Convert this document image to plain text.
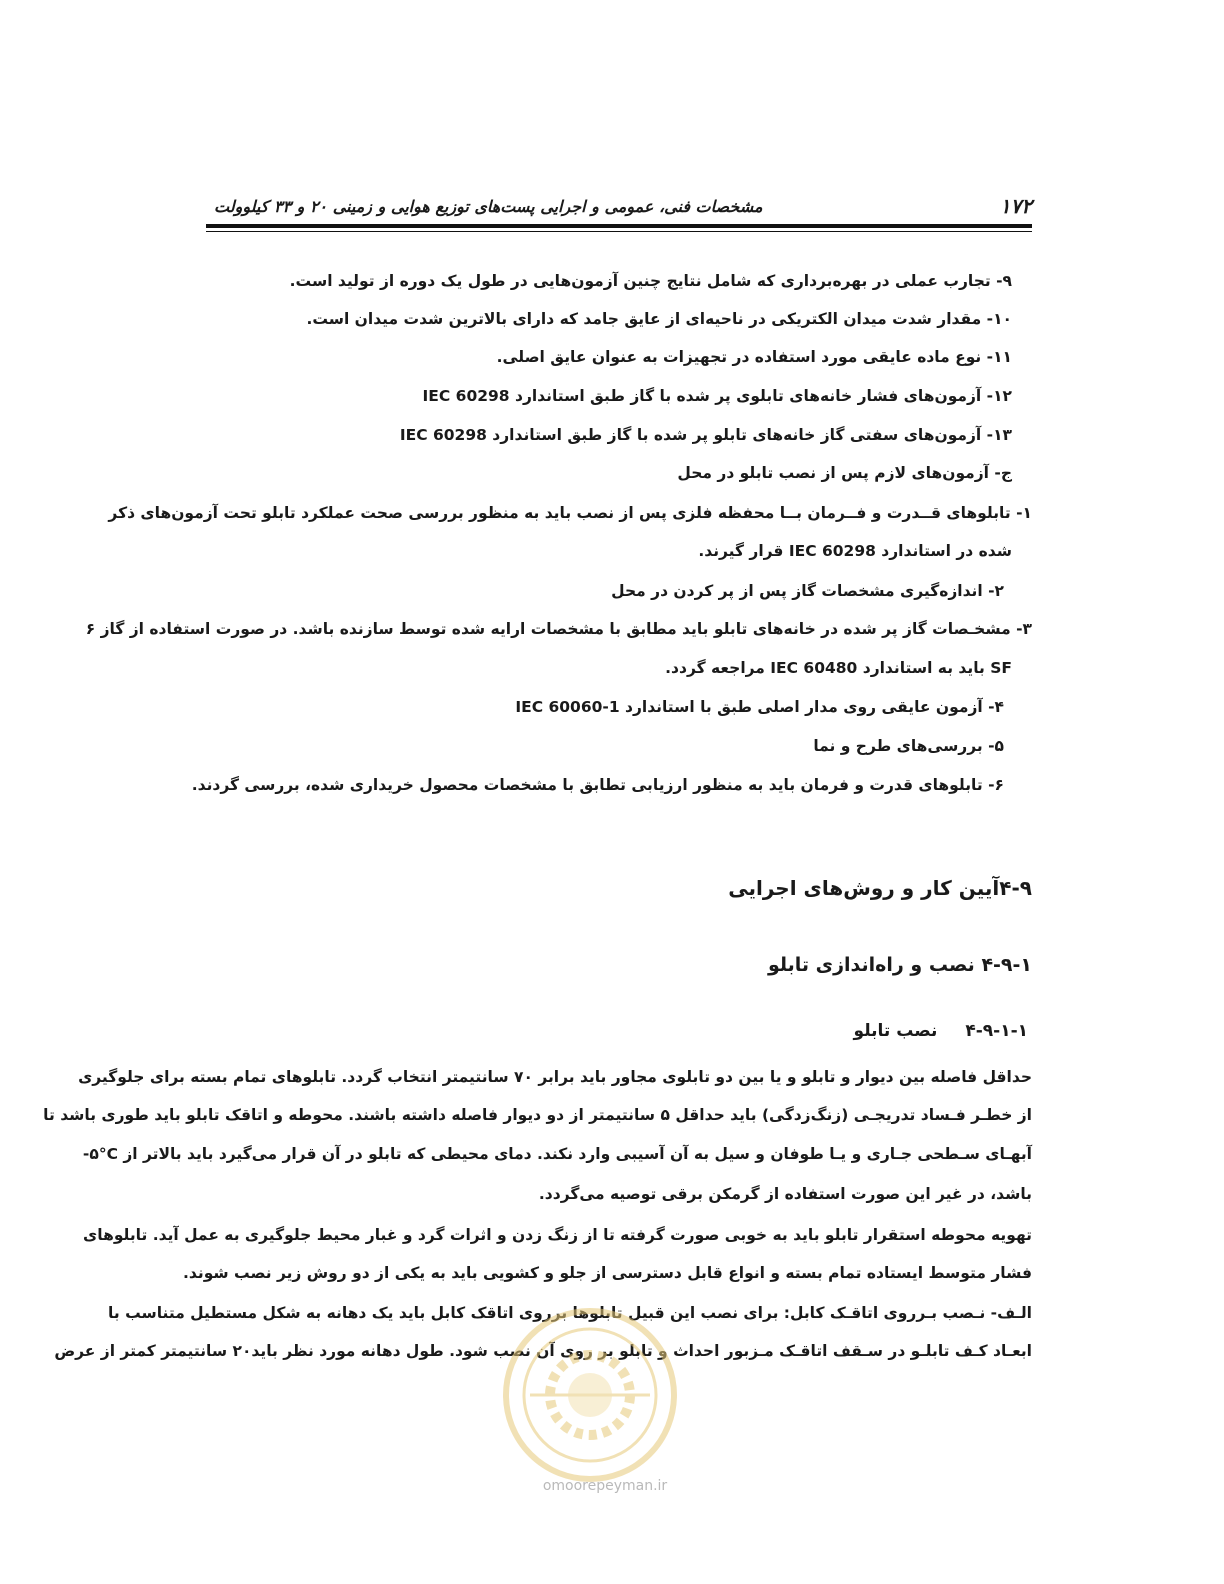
مشخصات فنی، عمومی و اجرایی پست‌های توزیع هوایی و زمینی ۲۰ و ۳۳ کیلوولت	۱۷۲
۹- تجارب عملی در بهره‌برداری که شامل نتایج چنین آزمون‌هایی در طول یک دوره از تولید است.
۱۰- مقدار شدت میدان الکتریکی در ناحیه‌ای از عایق جامد که دارای بالاترین شدت میدان است.
۱۱- نوع ماده عایقی مورد استفاده در تجهیزات به عنوان عایق اصلی.
۱۲- آزمون‌های فشار خانه‌های تابلوی پر شده با گاز طبق استاندارد IEC 60298
۱۳- آزمون‌های سفتی گاز خانه‌های تابلو پر شده با گاز طبق استاندارد IEC 60298
ج- آزمون‌های لازم پس از نصب تابلو در محل
۱- تابلوهای قــدرت و فــرمان بــا محفظه فلزی پس از نصب باید به منظور بررسی صحت عملکرد تابلو تحت آزمون‌های ذکر
شده در استاندارد IEC 60298 قرار گیرند.
۲- اندازه‌گیری مشخصات گاز پس از پر کردن در محل
۳- مشخـصات گاز پر شده در خانه‌های تابلو باید مطابق با مشخصات ارایه شده توسط سازنده باشد. در صورت استفاده از گاز ۶
SF باید به استاندارد IEC 60480 مراجعه گردد.
۴- آزمون عایقی روی مدار اصلی طبق با استاندارد IEC 60060-1
۵- بررسی‌های طرح و نما
۶- تابلوهای قدرت و فرمان باید به منظور ارزیابی تطابق با مشخصات محصول خریداری شده، بررسی گردند.
۴-۹آیین کار و روش‌های اجرایی
۴-۹-۱ نصب و راه‌اندازی تابلو
۴-۹-۱-۱نصب تابلو
حداقل فاصله بین دیوار و تابلو و یا بین دو تابلوی مجاور باید برابر ۷۰ سانتیمتر انتخاب گردد. تابلوهای تمام بسته برای جلوگیری
از خطـر فـساد تدریجـی (زنگ‌زدگی) باید حداقل ۵ سانتیمتر از دو دیوار فاصله داشته باشند. محوطه و اتاقک تابلو باید طوری باشد تا
آبهـای سـطحی جـاری و یـا طوفان و سیل به آن آسیبی وارد نکند. دمای محیطی که تابلو در آن قرار می‌گیرد باید بالاتر از ‎-۵°C
باشد، در غیر این صورت استفاده از گرمکن برقی توصیه می‌گردد.
تهویه محوطه استقرار تابلو باید به خوبی صورت گرفته تا از زنگ زدن و اثرات گرد و غبار محیط جلوگیری به عمل آید. تابلوهای
فشار متوسط ایستاده تمام بسته و انواع قابل دسترسی از جلو و کشویی باید به یکی از دو روش زیر نصب شوند.
الـف- نـصب بـرروی اتاقـک کابل: برای نصب این قبیل تابلوها برروی اتاقک کابل باید یک دهانه به شکل مستطیل متناسب با
ابعـاد کـف تابلـو در سـقف اتاقـک مـزبور احداث و تابلو بر روی آن نصب شود. طول دهانه مورد نظر باید۲۰ سانتیمتر کمتر از عرض
omoorepeyman.ir
